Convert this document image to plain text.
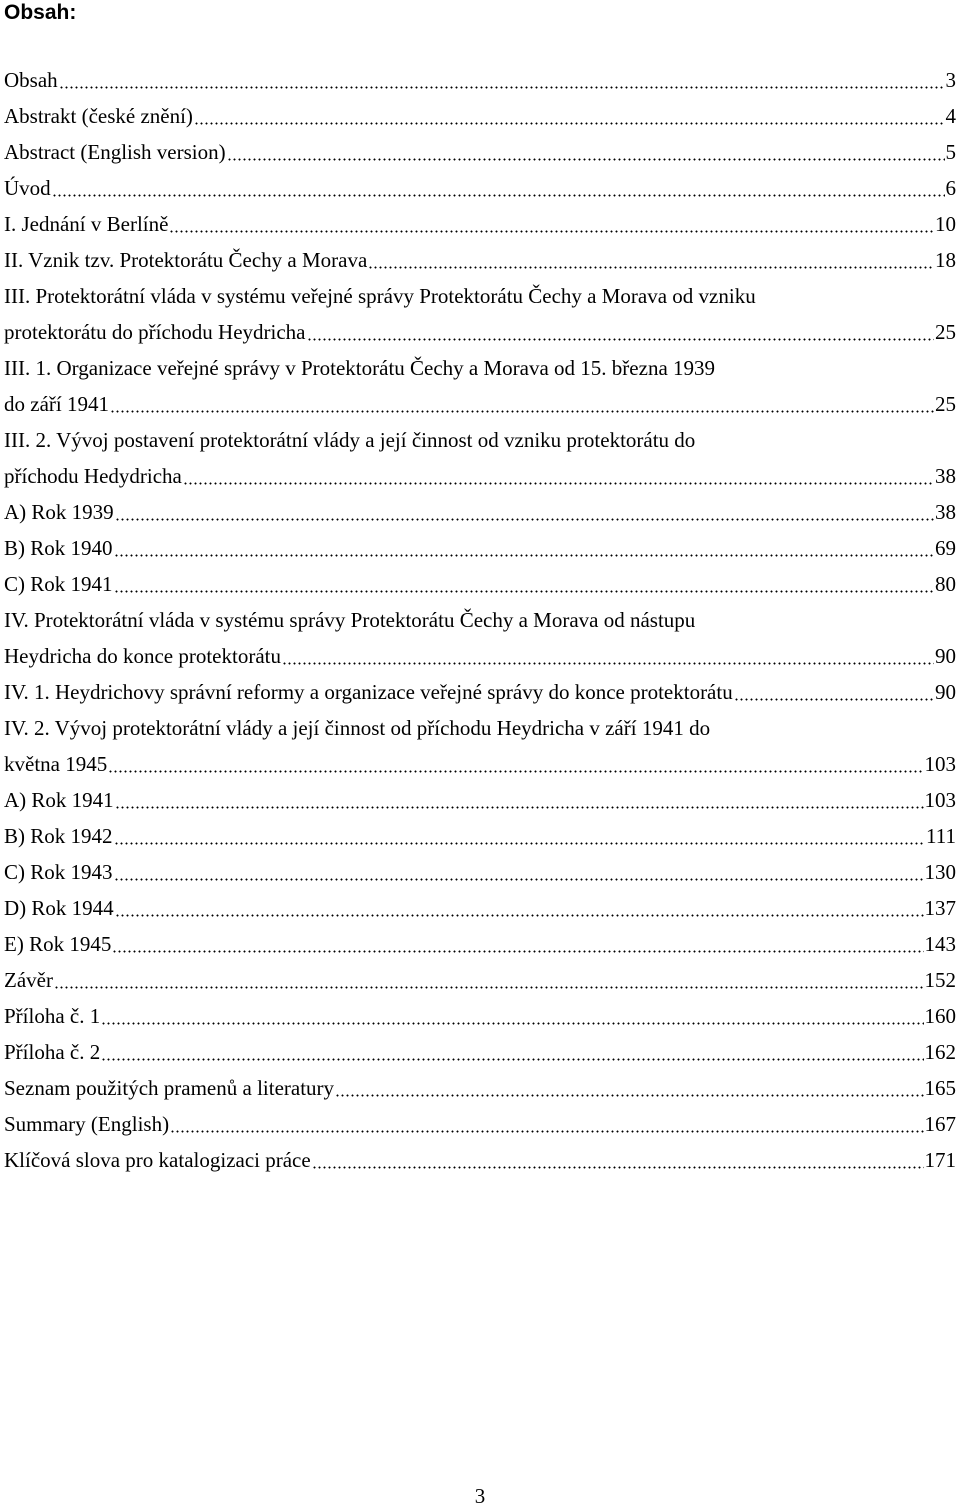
Obsah:
Obsah	3
Abstrakt (české znění)	4
Abstract (English version)	5
Úvod	6
I. Jednání v Berlíně	10
II. Vznik tzv. Protektorátu Čechy a Morava	18
III. Protektorátní vláda v systému veřejné správy Protektorátu Čechy a Morava od vzniku
protektorátu do příchodu Heydricha	25
III. 1. Organizace veřejné správy v Protektorátu Čechy a Morava od 15. března 1939
do září 1941	25
III. 2. Vývoj postavení protektorátní vlády a její činnost od vzniku protektorátu do
příchodu Hedydricha	38
A) Rok 1939	38
B) Rok 1940	69
C) Rok 1941	80
IV. Protektorátní vláda v systému správy Protektorátu Čechy a Morava od nástupu
Heydricha do konce protektorátu	90
IV. 1. Heydrichovy správní reformy a organizace veřejné správy do konce protektorátu	90
IV. 2. Vývoj protektorátní vlády a její činnost od příchodu Heydricha v září 1941 do
května 1945	103
A) Rok 1941	103
B) Rok 1942	111
C) Rok 1943	130
D) Rok 1944	137
E) Rok 1945	143
Závěr	152
Příloha č. 1	160
Příloha č. 2	162
Seznam použitých pramenů a literatury	165
Summary (English)	167
Klíčová slova pro katalogizaci práce	171
3
